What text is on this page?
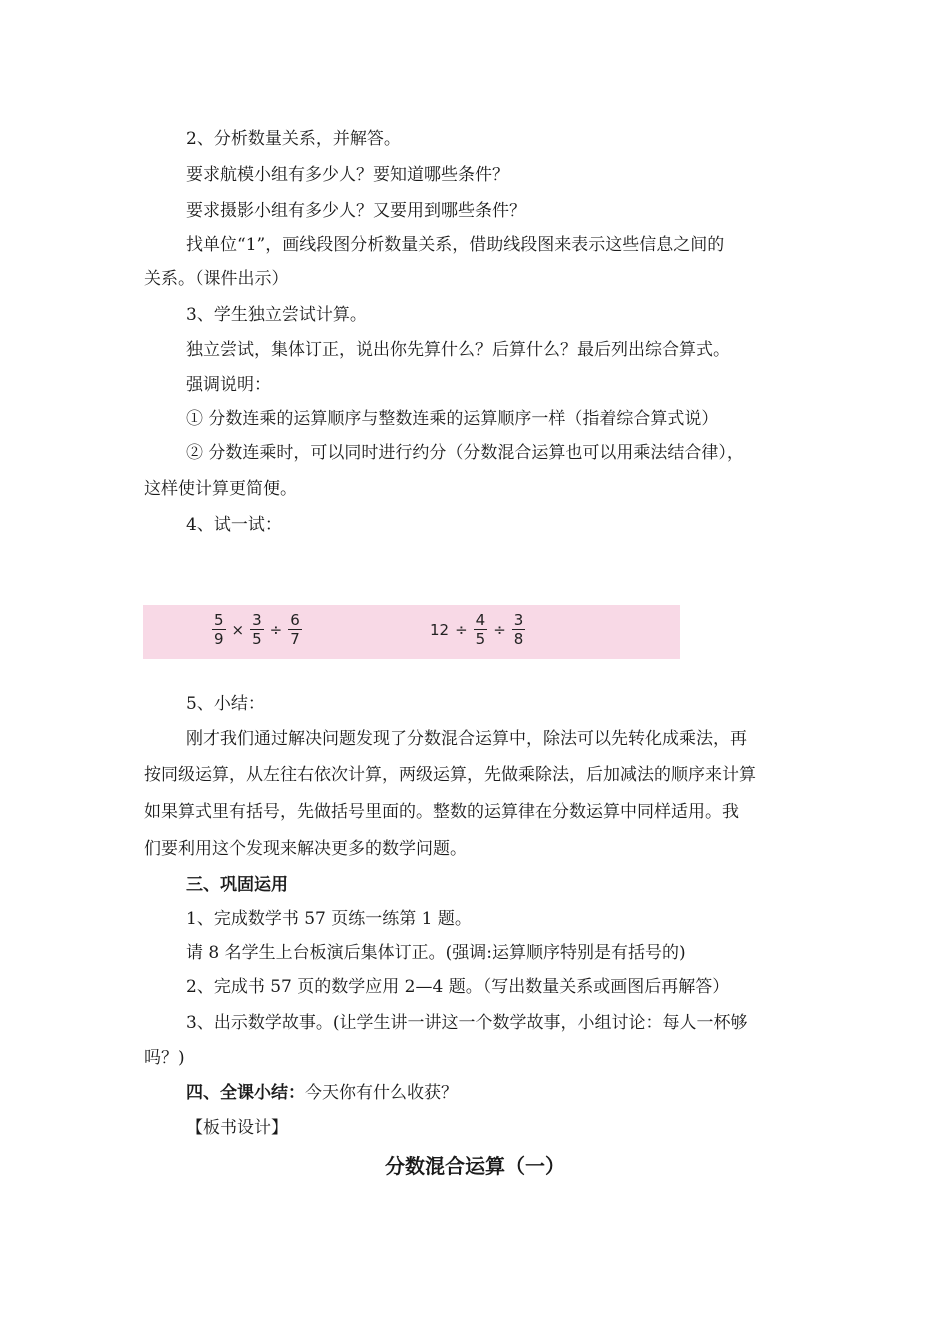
2、分析数量关系，并解答。
要求航模小组有多少人？要知道哪些条件？
要求摄影小组有多少人？又要用到哪些条件？
找单位“1”，画线段图分析数量关系，借助线段图来表示这些信息之间的
关系。（课件出示）
3、学生独立尝试计算。
独立尝试，集体订正，说出你先算什么？后算什么？最后列出综合算式。
强调说明：
① 分数连乘的运算顺序与整数连乘的运算顺序一样（指着综合算式说）
② 分数连乘时，可以同时进行约分（分数混合运算也可以用乘法结合律），
这样使计算更简便。
4、试一试：
$\frac{5}{9} \times \frac{3}{5} \div \frac{6}{7}$	$12 \div \frac{4}{5} \div \frac{3}{8}$
5、小结：
刚才我们通过解决问题发现了分数混合运算中，除法可以先转化成乘法，再
按同级运算，从左往右依次计算，两级运算，先做乘除法，后加减法的顺序来计算
如果算式里有括号，先做括号里面的。整数的运算律在分数运算中同样适用。我
们要利用这个发现来解决更多的数学问题。
三、巩固运用
1、完成数学书 57 页练一练第 1 题。
请 8 名学生上台板演后集体订正。(强调:运算顺序特别是有括号的)
2、完成书 57 页的数学应用 2—4 题。（写出数量关系或画图后再解答）
3、出示数学故事。(让学生讲一讲这一个数学故事，小组讨论：每人一杯够
吗？)
四、全课小结：今天你有什么收获？
【板书设计】
分数混合运算（一）
